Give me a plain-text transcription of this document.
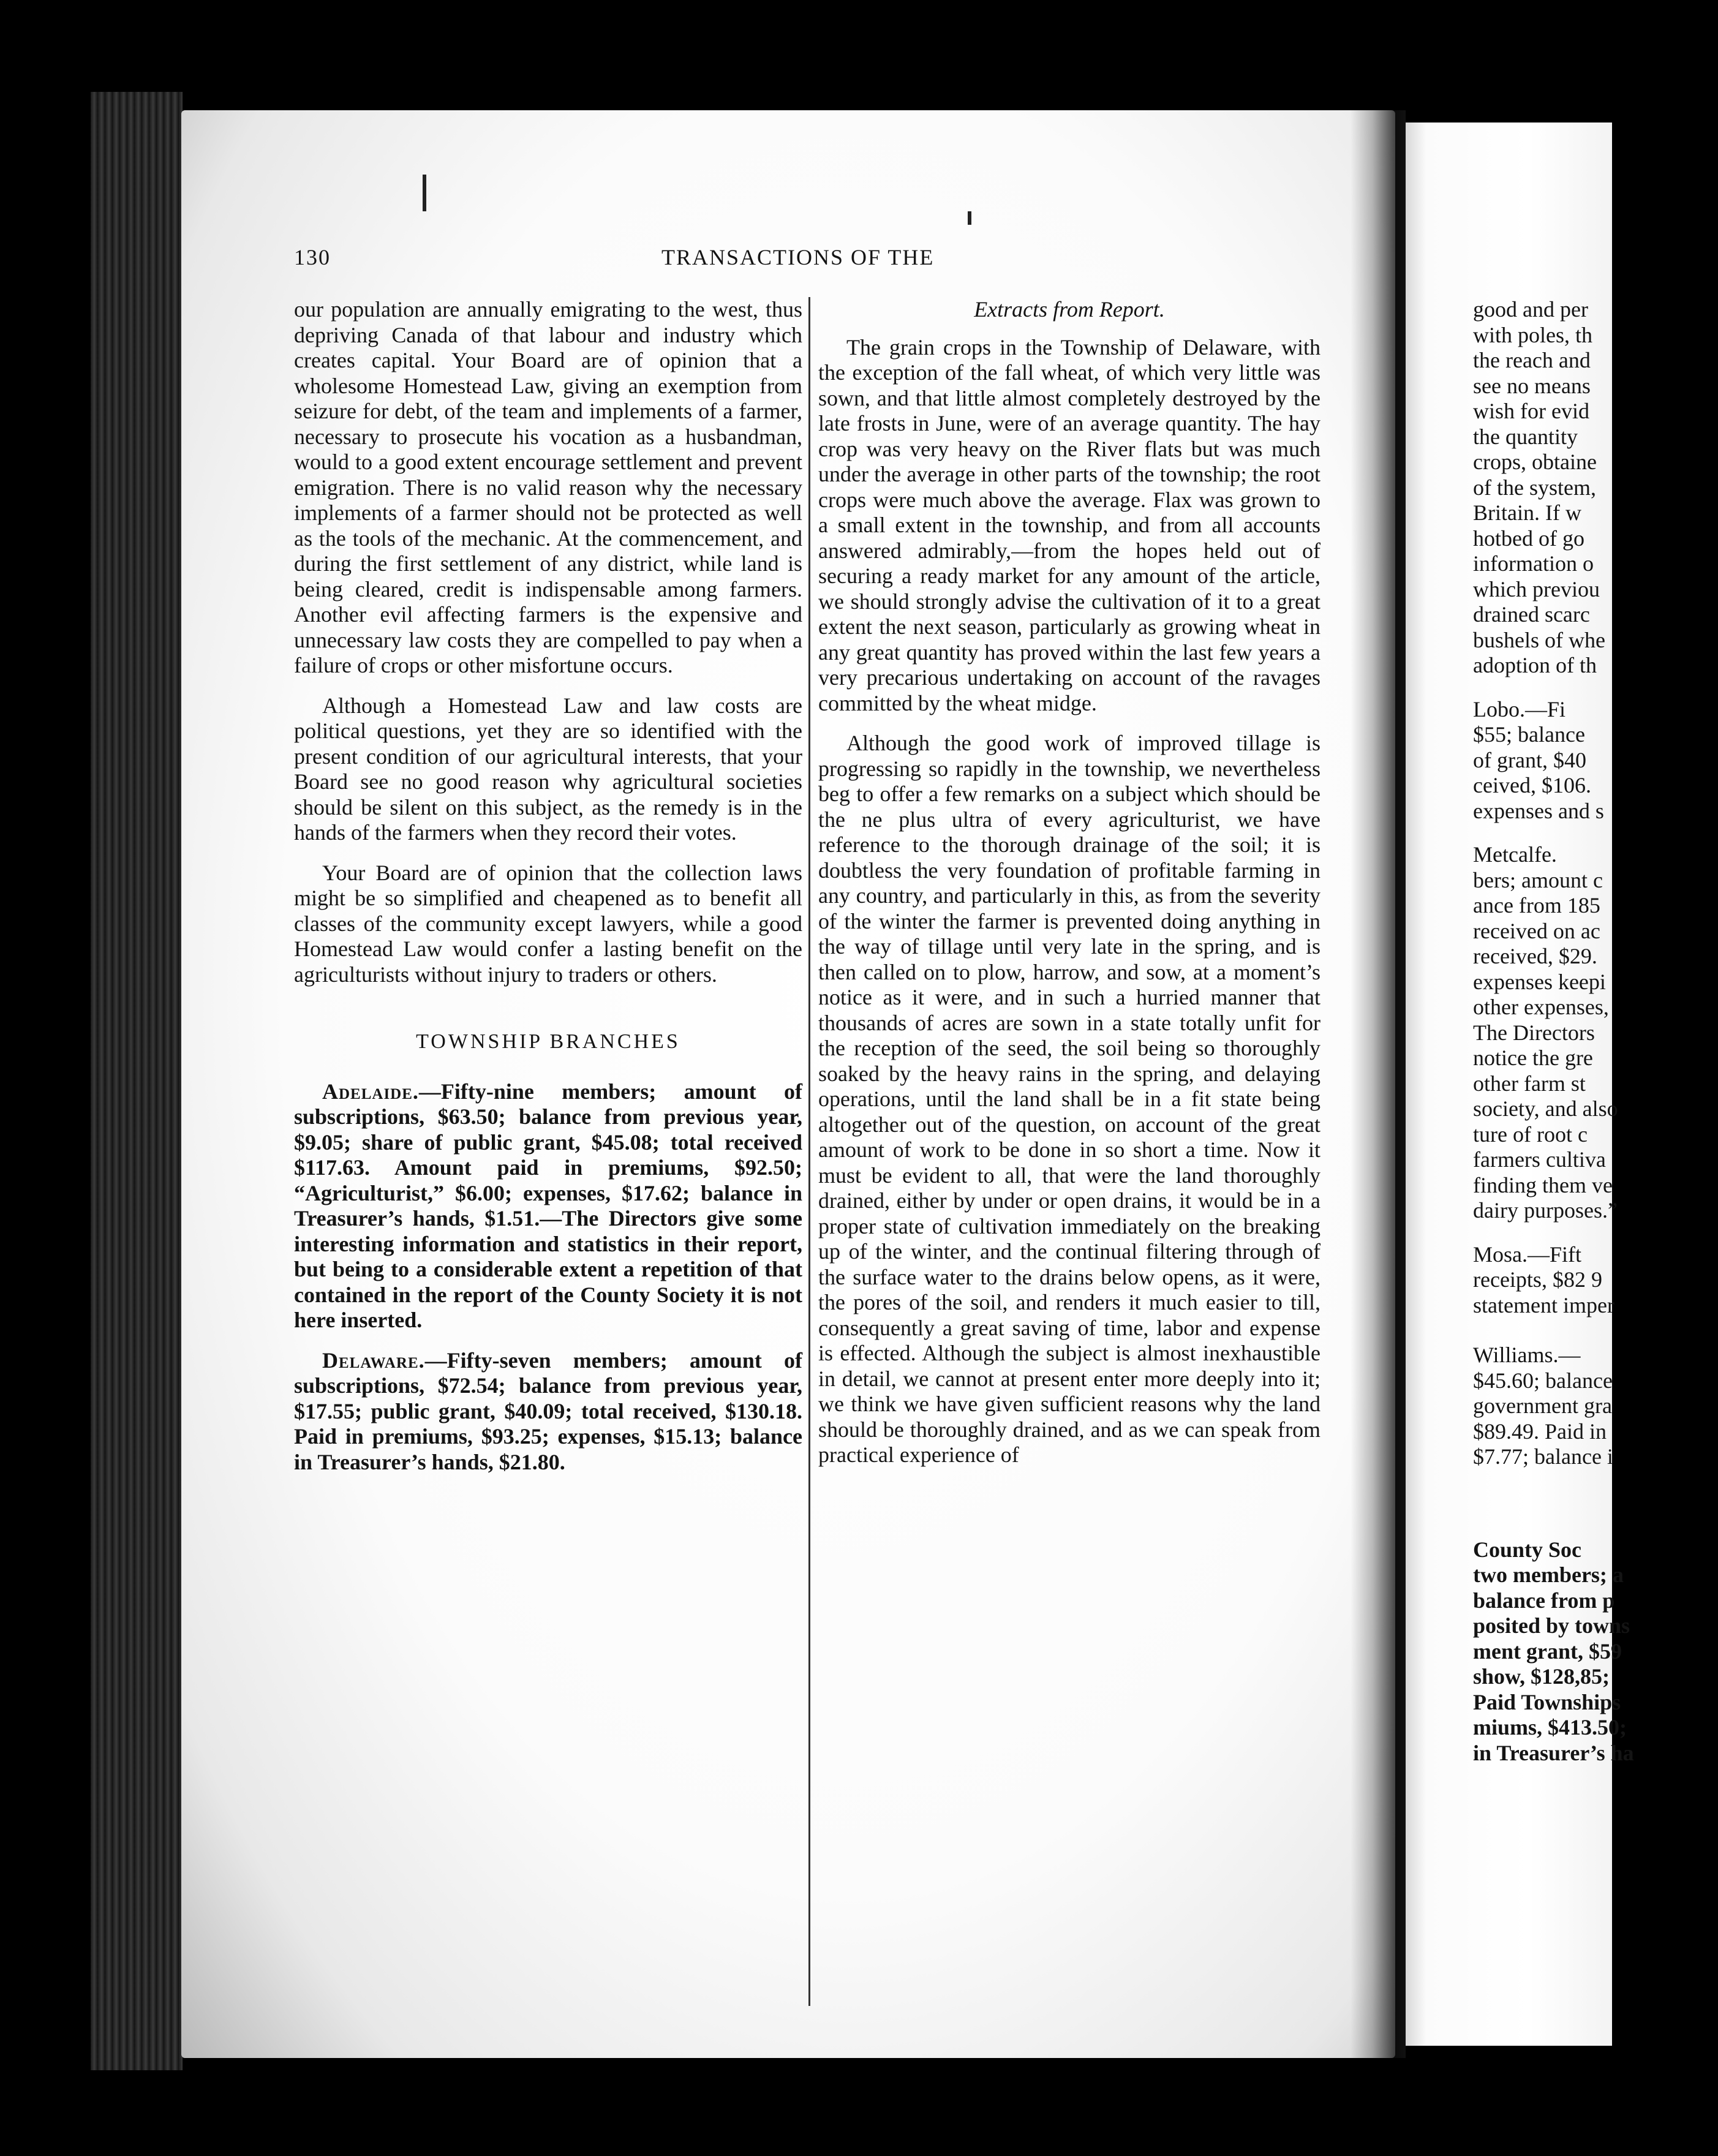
130	TRANSACTIONS OF THE

our population are annually emigrating to the west, thus depriving Canada of that labour and industry which creates capital. Your Board are of opinion that a wholesome Homestead Law, giving an exemption from seizure for debt, of the team and implements of a farmer, necessary to prosecute his vocation as a husbandman, would to a good extent encourage settlement and prevent emigration. There is no valid reason why the necessary implements of a farmer should not be protected as well as the tools of the mechanic. At the commencement, and during the first settlement of any district, while land is being cleared, credit is indispensable among farmers. Another evil affecting farmers is the expensive and unnecessary law costs they are compelled to pay when a failure of crops or other misfortune occurs.

Although a Homestead Law and law costs are political questions, yet they are so identified with the present condition of our agricultural interests, that your Board see no good reason why agricultural societies should be silent on this subject, as the remedy is in the hands of the farmers when they record their votes.

Your Board are of opinion that the collection laws might be so simplified and cheapened as to benefit all classes of the community except lawyers, while a good Homestead Law would confer a lasting benefit on the agriculturists without injury to traders or others.

TOWNSHIP BRANCHES

Adelaide.—Fifty-nine members; amount of subscriptions, $63.50; balance from previous year, $9.05; share of public grant, $45.08; total received $117.63. Amount paid in premiums, $92.50; “Agriculturist,” $6.00; expenses, $17.62; balance in Treasurer’s hands, $1.51.—The Directors give some interesting information and statistics in their report, but being to a considerable extent a repetition of that contained in the report of the County Society it is not here inserted.

Delaware.—Fifty-seven members; amount of subscriptions, $72.54; balance from previous year, $17.55; public grant, $40.09; total received, $130.18. Paid in premiums, $93.25; expenses, $15.13; balance in Treasurer’s hands, $21.80.

Extracts from Report.

The grain crops in the Township of Delaware, with the exception of the fall wheat, of which very little was sown, and that little almost completely destroyed by the late frosts in June, were of an average quantity. The hay crop was very heavy on the River flats but was much under the average in other parts of the township; the root crops were much above the average. Flax was grown to a small extent in the township, and from all accounts answered admirably,—from the hopes held out of securing a ready market for any amount of the article, we should strongly advise the cultivation of it to a great extent the next season, particularly as growing wheat in any great quantity has proved within the last few years a very precarious undertaking on account of the ravages committed by the wheat midge.

Although the good work of improved tillage is progressing so rapidly in the township, we nevertheless beg to offer a few remarks on a subject which should be the ne plus ultra of every agriculturist, we have reference to the thorough drainage of the soil; it is doubtless the very foundation of profitable farming in any country, and particularly in this, as from the severity of the winter the farmer is prevented doing anything in the way of tillage until very late in the spring, and is then called on to plow, harrow, and sow, at a moment’s notice as it were, and in such a hurried manner that thousands of acres are sown in a state totally unfit for the reception of the seed, the soil being so thoroughly soaked by the heavy rains in the spring, and delaying operations, until the land shall be in a fit state being altogether out of the question, on account of the great amount of work to be done in so short a time. Now it must be evident to all, that were the land thoroughly drained, either by under or open drains, it would be in a proper state of cultivation immediately on the breaking up of the winter, and the continual filtering through of the surface water to the drains below opens, as it were, the pores of the soil, and renders it much easier to till, consequently a great saving of time, labor and expense is effected. Although the subject is almost inexhaustible in detail, we cannot at present enter more deeply into it; we think we have given sufficient reasons why the land should be thoroughly drained, and as we can speak from practical experience of

good and per
with poles, th
the reach and
see no means
wish for evid
the quantity
crops, obtaine
of the system,
Britain. If w
hotbed of go
information o
which previou
drained scarc
bushels of whe
adoption of th
Lobo.—Fi
$55; balance
of grant, $40
ceived, $106.
expenses and s
Metcalfe.
bers; amount c
ance from 185
received on ac
received, $29.
expenses keepi
other expenses,
The Directors
notice the gre
other farm st
society, and also
ture of root c
farmers cultiva
finding them ve
dairy purposes.”
Mosa.—Fift
receipts, $82 9
statement imper
Williams.—
$45.60; balance
government gra
$89.49. Paid in
$7.77; balance i
County Soc
two members; a
balance from p
posited by towns
ment grant, $59
show, $128,85;
Paid Townships
miums, $413.50;
in Treasurer’s ha
